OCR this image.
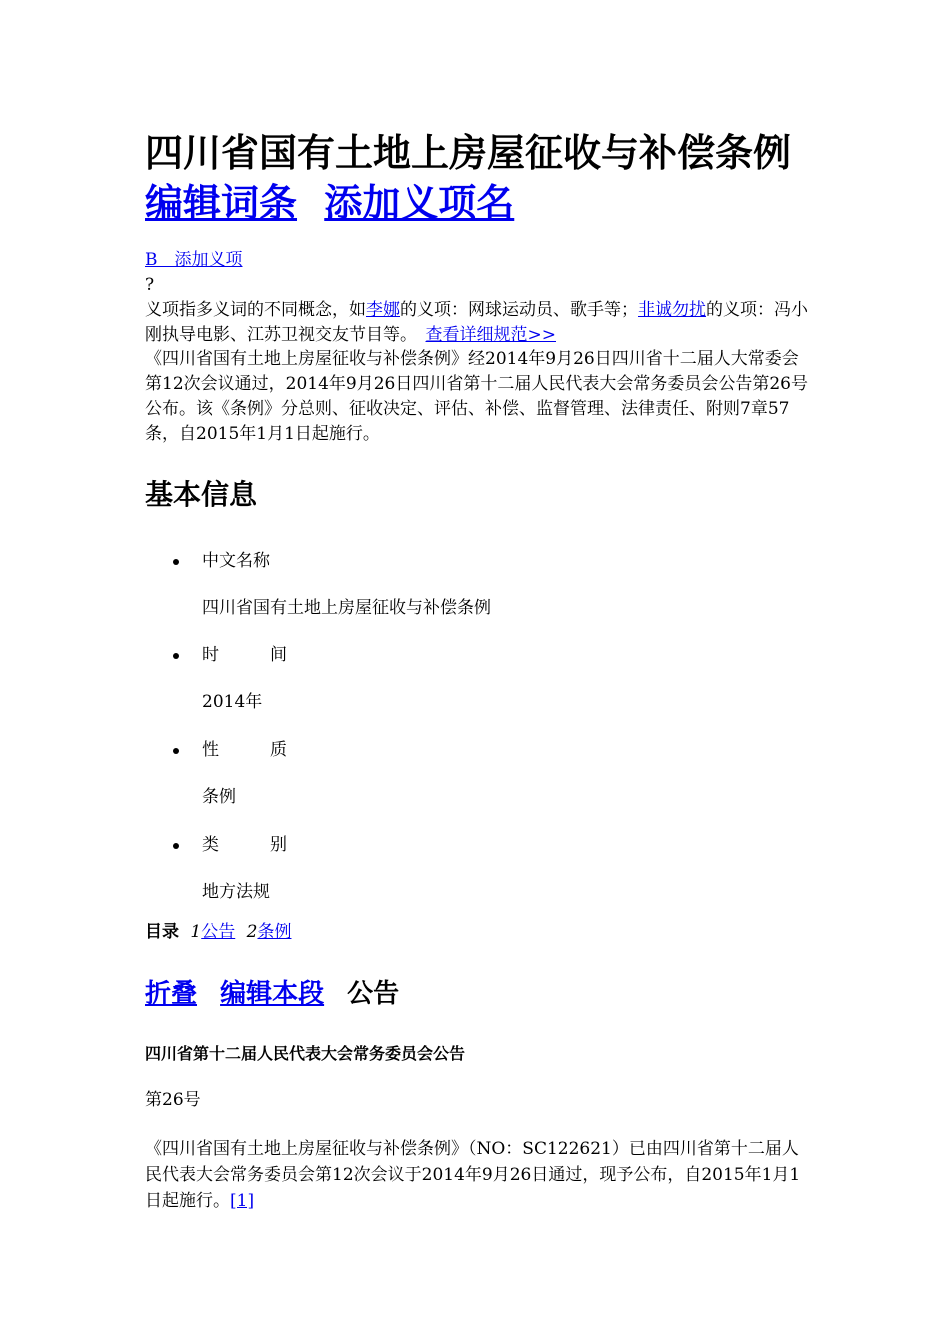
四川省国有土地上房屋征收与补偿条例
编辑词条 添加义项名

B　添加义项

?

义项指多义词的不同概念，如李娜的义项：网球运动员、歌手等；非诚勿扰的义项：冯小刚执导电影、江苏卫视交友节目等。　查看详细规范>>

《四川省国有土地上房屋征收与补偿条例》经2014年9月26日四川省十二届人大常委会第12次会议通过，2014年9月26日四川省第十二届人民代表大会常务委员会公告第26号公布。该《条例》分总则、征收决定、评估、补偿、监督管理、法律责任、附则7章57条，自2015年1月1日起施行。

基本信息
中文名称
四川省国有土地上房屋征收与补偿条例
时　　　间
2014年
性　　　质
条例
类　　　别
地方法规
目录 1公告 2条例
折叠 编辑本段 公告
四川省第十二届人民代表大会常务委员会公告
第26号

《四川省国有土地上房屋征收与补偿条例》（NO：SC122621）已由四川省第十二届人民代表大会常务委员会第12次会议于2014年9月26日通过，现予公布，自2015年1月1日起施行。[1]
